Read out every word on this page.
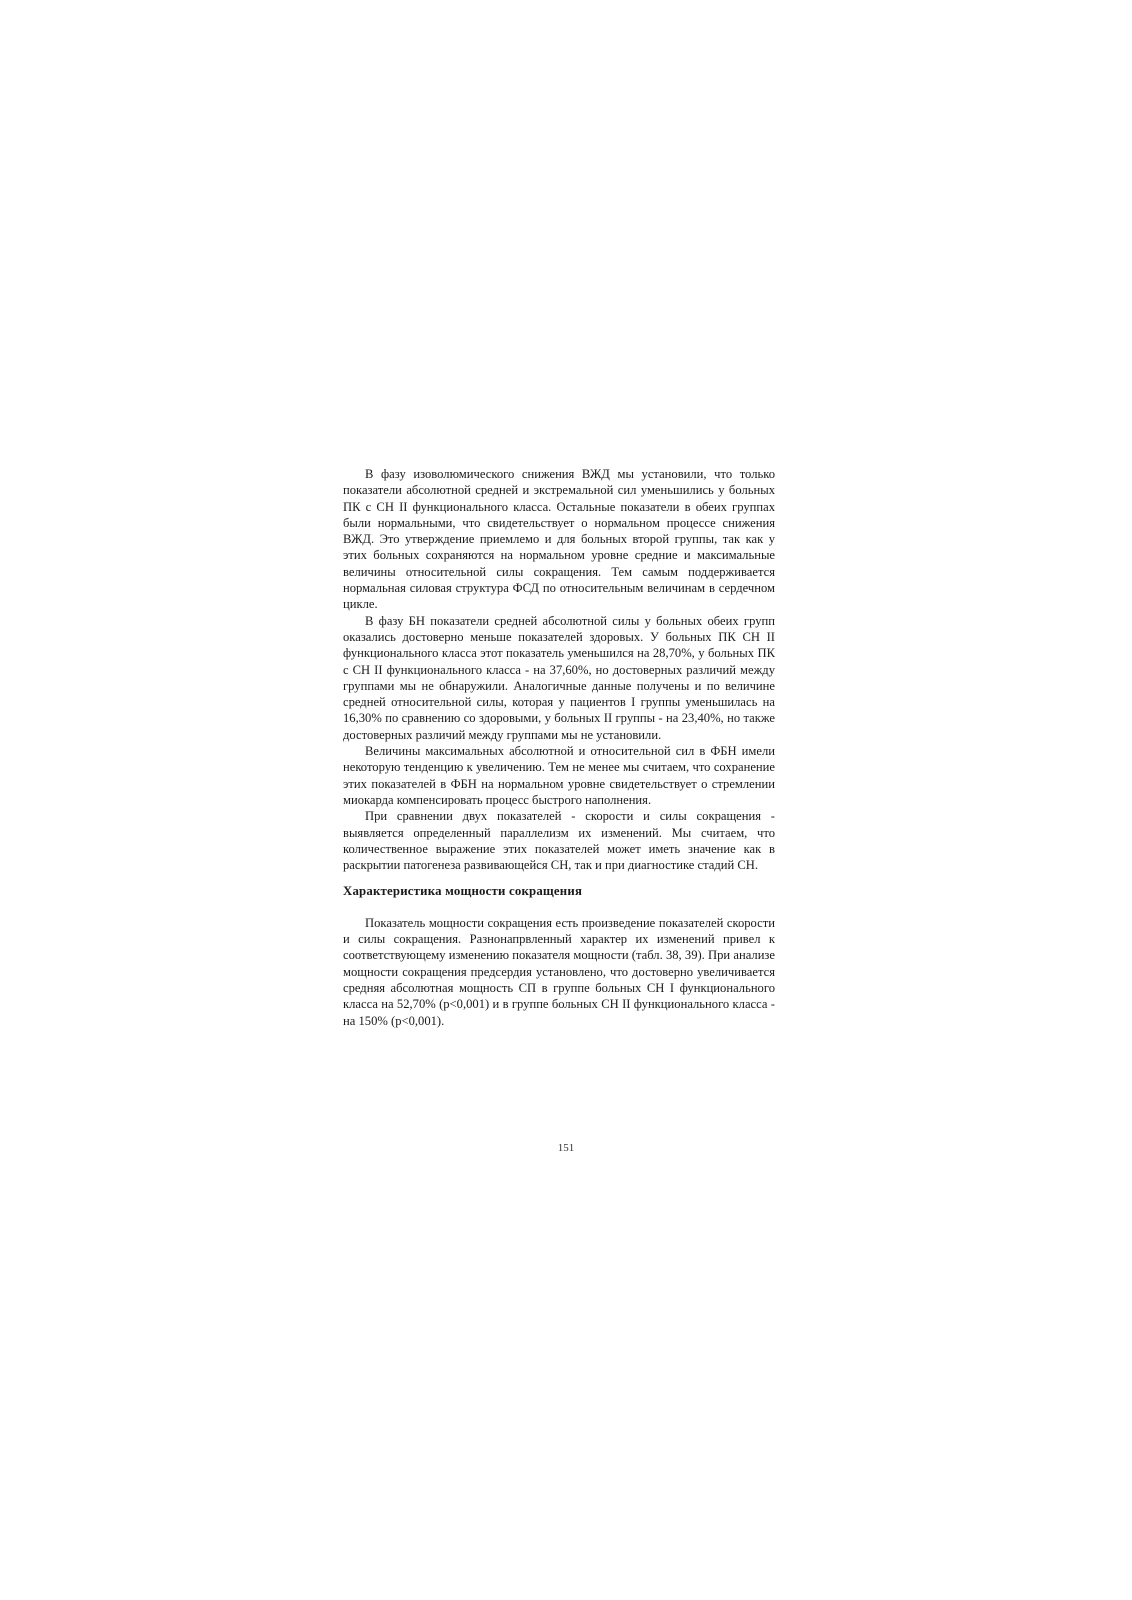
В фазу изоволюмического снижения ВЖД мы установили, что только показатели абсолютной средней и экстремальной сил уменьшились у больных ПК с СН II функционального класса. Остальные показатели в обеих группах были нормальными, что свидетельствует о нормальном процессе снижения ВЖД. Это утверждение приемлемо и для больных второй группы, так как у этих больных сохраняются на нормальном уровне средние и максимальные величины относительной силы сокращения. Тем самым поддерживается нормальная силовая структура ФСД по относительным величинам в сердечном цикле.

В фазу БН показатели средней абсолютной силы у больных обеих групп оказались достоверно меньше показателей здоровых. У больных ПК СН II функционального класса этот показатель уменьшился на 28,70%, у больных ПК с СН II функционального класса - на 37,60%, но достоверных различий между группами мы не обнаружили. Аналогичные данные получены и по величине средней относительной силы, которая у пациентов I группы уменьшилась на 16,30% по сравнению со здоровыми, у больных II группы - на 23,40%, но также достоверных различий между группами мы не установили.

Величины максимальных абсолютной и относительной сил в ФБН имели некоторую тенденцию к увеличению. Тем не менее мы считаем, что сохранение этих показателей в ФБН на нормальном уровне свидетельствует о стремлении миокарда компенсировать процесс быстрого наполнения.

При сравнении двух показателей - скорости и силы сокращения - выявляется определенный параллелизм их изменений. Мы считаем, что количественное выражение этих показателей может иметь значение как в раскрытии патогенеза развивающейся СН, так и при диагностике стадий СН.

Характеристика мощности сокращения

Показатель мощности сокращения есть произведение показателей скорости и силы сокращения. Разнонапрвленный характер их изменений привел к соответствующему изменению показателя мощности (табл. 38, 39). При анализе мощности сокращения предсердия установлено, что достоверно увеличивается средняя абсолютная мощность СП в группе больных СН I функционального класса на 52,70% (p<0,001) и в группе больных СН II функционального класса - на 150% (p<0,001).

151
